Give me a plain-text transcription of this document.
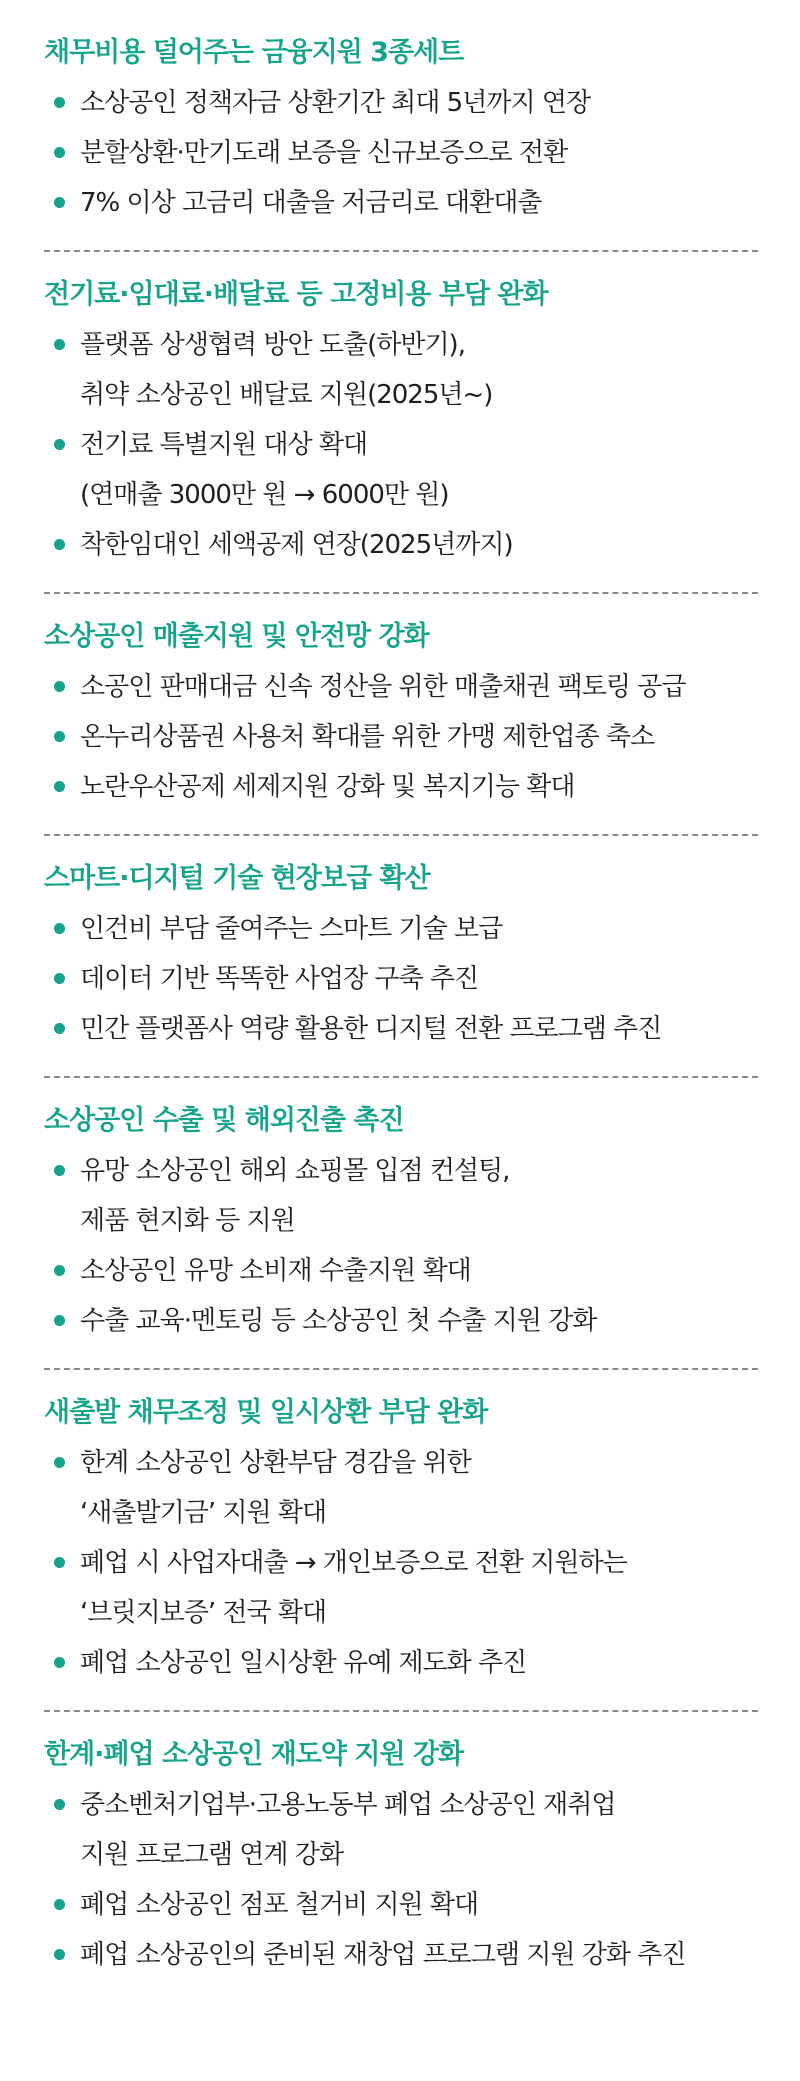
채무비용 덜어주는 금융지원 3종세트
소상공인 정책자금 상환기간 최대 5년까지 연장
분할상환·만기도래 보증을 신규보증으로 전환
7% 이상 고금리 대출을 저금리로 대환대출
전기료·임대료·배달료 등 고정비용 부담 완화
플랫폼 상생협력 방안 도출(하반기),
취약 소상공인 배달료 지원(2025년~)
전기료 특별지원 대상 확대
(연매출 3000만 원 → 6000만 원)
착한임대인 세액공제 연장(2025년까지)
소상공인 매출지원 및 안전망 강화
소공인 판매대금 신속 정산을 위한 매출채권 팩토링 공급
온누리상품권 사용처 확대를 위한 가맹 제한업종 축소
노란우산공제 세제지원 강화 및 복지기능 확대
스마트·디지털 기술 현장보급 확산
인건비 부담 줄여주는 스마트 기술 보급
데이터 기반 똑똑한 사업장 구축 추진
민간 플랫폼사 역량 활용한 디지털 전환 프로그램 추진
소상공인 수출 및 해외진출 촉진
유망 소상공인 해외 쇼핑몰 입점 컨설팅,
제품 현지화 등 지원
소상공인 유망 소비재 수출지원 확대
수출 교육·멘토링 등 소상공인 첫 수출 지원 강화
새출발 채무조정 및 일시상환 부담 완화
한계 소상공인 상환부담 경감을 위한
‘새출발기금’ 지원 확대
폐업 시 사업자대출 → 개인보증으로 전환 지원하는
‘브릿지보증’ 전국 확대
폐업 소상공인 일시상환 유예 제도화 추진
한계·폐업 소상공인 재도약 지원 강화
중소벤처기업부·고용노동부 폐업 소상공인 재취업
지원 프로그램 연계 강화
폐업 소상공인 점포 철거비 지원 확대
폐업 소상공인의 준비된 재창업 프로그램 지원 강화 추진
